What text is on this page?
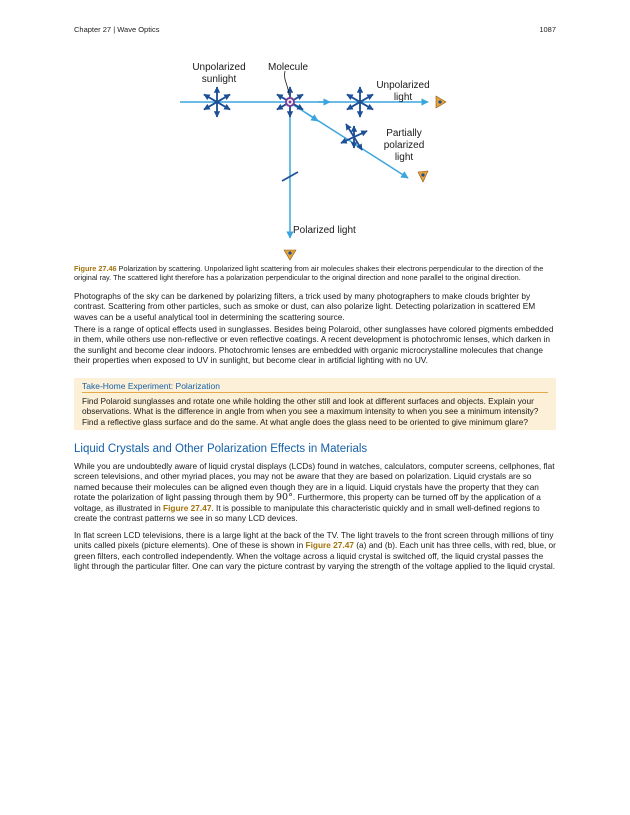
Chapter 27 | Wave Optics	1087
Unpolarized
sunlight
Molecule
Unpolarized
light
Partially
polarized
light
Polarized light
Figure 27.46 Polarization by scattering. Unpolarized light scattering from air molecules shakes their electrons perpendicular to the direction of the original ray. The scattered light therefore has a polarization perpendicular to the original direction and none parallel to the original direction.

Photographs of the sky can be darkened by polarizing filters, a trick used by many photographers to make clouds brighter by contrast. Scattering from other particles, such as smoke or dust, can also polarize light. Detecting polarization in scattered EM waves can be a useful analytical tool in determining the scattering source.

There is a range of optical effects used in sunglasses. Besides being Polaroid, other sunglasses have colored pigments embedded in them, while others use non-reflective or even reflective coatings. A recent development is photochromic lenses, which darken in the sunlight and become clear indoors. Photochromic lenses are embedded with organic microcrystalline molecules that change their properties when exposed to UV in sunlight, but become clear in artificial lighting with no UV.

Take-Home Experiment: Polarization
Find Polaroid sunglasses and rotate one while holding the other still and look at different surfaces and objects. Explain your observations. What is the difference in angle from when you see a maximum intensity to when you see a minimum intensity? Find a reflective glass surface and do the same. At what angle does the glass need to be oriented to give minimum glare?
Liquid Crystals and Other Polarization Effects in Materials

While you are undoubtedly aware of liquid crystal displays (LCDs) found in watches, calculators, computer screens, cellphones, flat screen televisions, and other myriad places, you may not be aware that they are based on polarization. Liquid crystals are so named because their molecules can be aligned even though they are in a liquid. Liquid crystals have the property that they can rotate the polarization of light passing through them by 90°. Furthermore, this property can be turned off by the application of a voltage, as illustrated in Figure 27.47. It is possible to manipulate this characteristic quickly and in small well-defined regions to create the contrast patterns we see in so many LCD devices.

In flat screen LCD televisions, there is a large light at the back of the TV. The light travels to the front screen through millions of tiny units called pixels (picture elements). One of these is shown in Figure 27.47 (a) and (b). Each unit has three cells, with red, blue, or green filters, each controlled independently. When the voltage across a liquid crystal is switched off, the liquid crystal passes the light through the particular filter. One can vary the picture contrast by varying the strength of the voltage applied to the liquid crystal.
